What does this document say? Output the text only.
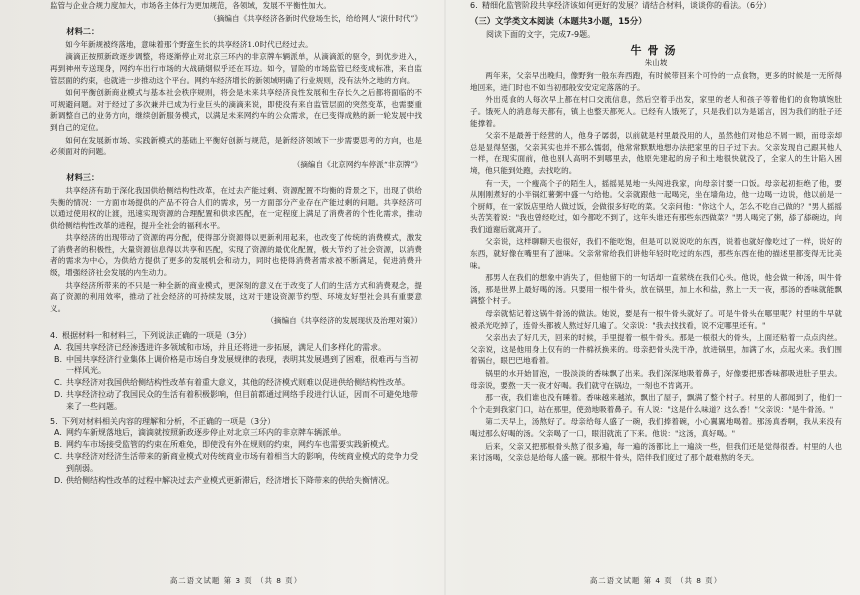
监管与企业合规力度加大，市场各主体行为更加规范，各领域，发展不平衡性加大。
（摘编自《共享经济各新时代登场生长，给给网人“滚什时代”》
材料二：
如今年新规被终落地，意味着那个野蛮生长的共享经济1.0时代已经过去。
滴滴正按照新政逐步调整，将逐渐停止对北京三环内的非京牌车辆派单，从滴滴派的驱令，到优步进入，再到神州专送现身，网约车出行市场的大战硝烟似乎还在耳边。如今，冒险的市场监管已经变成标准，来自监管层面的约束，也就进一步推动这个平台。网约车经济增长的新领域明确了行业规则，没有法外之地的方向。
如何平衡创新商业模式与基本社会秩序规则，将会是未来共享经济良性发展和生存长久之后都将面临的不可规避问题。对于经过了多次兼并已成为行业巨头的滴滴来说，即使没有来自监管层面的突然变革，也需要重新调整自己的业务方向，继续创新服务模式，以满足未来网约车的公众需求，在已变得成熟的新一轮发展中找到自己的定位。
如何在发展新市场、实践新模式的基础上平衡好创新与规范，是新经济领域下一步需要思考的方向，也是必须面对的问题。
（摘编自《北京网约车停派“非京牌”》
材料三：
共享经济有助于深化我国供给侧结构性改革，在过去产能过剩、资源配置不均衡的背景之下，出现了供给失衡的情况：一方面市场提供的产品不符合人们的需求，另一方面部分产业存在产能过剩的问题。共享经济可以通过使用权的让渡，迅速实现资源的合理配置和供求匹配，在一定程度上满足了消费者的个性化需求，推动供给侧结构性改革的进程，提升全社会的福利水平。
共享经济的出现带动了资源的再分配，使得部分资源得以更新利用起来，也改变了传统的消费模式，激发了消费者的积极性，大量资源信息得以共享和匹配，实现了资源的最优化配置，极大节约了社会资源，以消费者的需求为中心，为供给方提供了更多的发展机会和动力，同时也使得消费者需求被不断满足，促进消费升级，增强经济社会发展的内生动力。
共享经济所带来的不只是一种全新的商业模式，更深刻的意义在于改变了人们的生活方式和消费观念，提高了资源的利用效率，推动了社会经济的可持续发展，这对于建设资源节约型、环境友好型社会具有重要意义。
（摘编自《共享经济的发展现状及治理对策》）
4. 根据材料一和材料三，下列说法正确的一项是（3分）
A. 我国共享经济已经渗透进许多领域和市场，并且还将进一步拓展，满足人们多样化的需求。
B. 中国共享经济行业集体上调价格是市场自身发展规律的表现，表明其发展遇到了困难，很难再与当初一样风光。
C. 共享经济对我国供给侧结构性改革有着重大意义，其他的经济模式则难以促进供给侧结构性改革。
D. 共享经济拉动了我国民众的生活有着积极影响，但目前都通过网络手段进行认证，因而不可避免地带来了一些问题。
5. 下列对材料相关内容的理解和分析，不正确的一项是（3分）
A. 网约车新规落地后，滴滴就按照新政逐步停止对北京三环内的非京牌车辆派单。
B. 网约车市场接受监管的约束在所难免，即使没有外在规则的约束，网约车也需要实践新模式。
C. 共享经济对经济生活带来的新商业模式对传统商业市场有着相当大的影响，传统商业模式的竞争力受到削弱。
D. 供给侧结构性改革的过程中解决过去产业模式更新滞后，经济增长下降带来的供给失衡情况。
高二语文试题 第 3 页 （共 8 页）
6. 精细化监管阶段共享经济该如何更好的发展？请结合材料，谈谈你的看法。（6分）
（三）文学类文本阅读（本题共3小题，15分）
阅读下面的文字，完成7-9题。
牛骨汤
朱山坡
两年来，父亲早出晚归，像野狗一般东奔西跑，有时候带回来个可怜的一点食物，更多的时候是一无所得地回来，进门时也不如当初那般安安定定落落的子。
外出觅食的人每次早上都在村口交流信息，然后空着手出发，家里的老人和孩子等着他们的食物填饱肚子。饿死人的消息每天都有，镇上也整天都死人。已经有人饿死了，只是我们以为是谣言，因为我们的肚子还能撑着。
父亲不是最善于经营的人，他身子孱弱，以前就是村里最没用的人，虽然他们对他总不屑一顾，而母亲却总是显得坚强，父亲其实也并不那么懦弱，他常常默默地想办法把家里的日子过下去。父亲发现自己跟其他人一样，在现实面前，他也别人高明不到哪里去，他原先建起的房子和土地很快就没了，全家人的生计陷入困境，他只能到处跑，去找吃的。
有一天，一个瘦高个子的陌生人，摇摇晃晃地一头闯进我家，向母亲讨要一口饭。母亲起初拒绝了他，要从刚刚煮好的小半锅红薯粥中盛一勺给他。父亲就跟他一起喝完，坐在墙角边，他一边喝一边说，他以前是一个厨师，在一家饭店里给人做过饭，会做很多好吃的菜。父亲问他："你这个人，怎么不吃自己做的？"男人摇摇头苦笑着说："我也曾经吃过，如今都吃不到了，这年头谁还有那些东西做菜？"男人喝完了粥，舔了舔碗边，向我们道谢后就离开了。
父亲说，这样聊聊天也很好，我们不能吃饱，但是可以说说吃的东西，说着也就好像吃过了一样，说好的东西，就好像在嘴里有了滋味。父亲常常给我们讲他年轻时吃过的东西，那些东西在他的描述里都变得无比美味。
那男人在我们的想象中消失了，但他留下的一句话却一直萦绕在我们心头。他说，他会做一种汤，叫牛骨汤，那是世界上最好喝的汤。只要用一根牛骨头，放在锅里，加上水和盐，熬上一天一夜，那汤的香味就能飘满整个村子。
母亲就惦记着这锅牛骨汤的做法。她说，要是有一根牛骨头就好了。可是牛骨头在哪里呢？村里的牛早就被杀光吃掉了，连骨头都被人熬过好几遍了。父亲说："我去找找看，说不定哪里还有。"
父亲出去了好几天，回来的时候，手里提着一根牛骨头。那是一根很大的骨头，上面还粘着一点点肉丝。父亲说，这是他用身上仅有的一件棉袄换来的。母亲把骨头洗干净，放进锅里，加满了水，点起火来。我们围着锅台，眼巴巴地看着。
锅里的水开始冒泡，一股淡淡的香味飘了出来。我们深深地吸着鼻子，好像要把那香味都吸进肚子里去。母亲说，要熬一天一夜才好喝。我们就守在锅边，一刻也不肯离开。
那一夜，我们谁也没有睡着。香味越来越浓，飘出了屋子，飘满了整个村子。村里的人都闻到了，他们一个个走到我家门口，站在那里，使劲地吸着鼻子。有人说："这是什么味道？这么香！"父亲说："是牛骨汤。"
第二天早上，汤熬好了。母亲给每人盛了一碗，我们捧着碗，小心翼翼地喝着。那汤真香啊，我从来没有喝过那么好喝的汤。父亲喝了一口，眼泪就流了下来。他说："这汤，真好喝。"
后来，父亲又把那根骨头熬了很多遍，每一遍的汤都比上一遍淡一些，但我们还是觉得很香。村里的人也来讨汤喝，父亲总是给每人盛一碗。那根牛骨头，陪伴我们度过了那个最难熬的冬天。
高二语文试题 第 4 页 （共 8 页）
